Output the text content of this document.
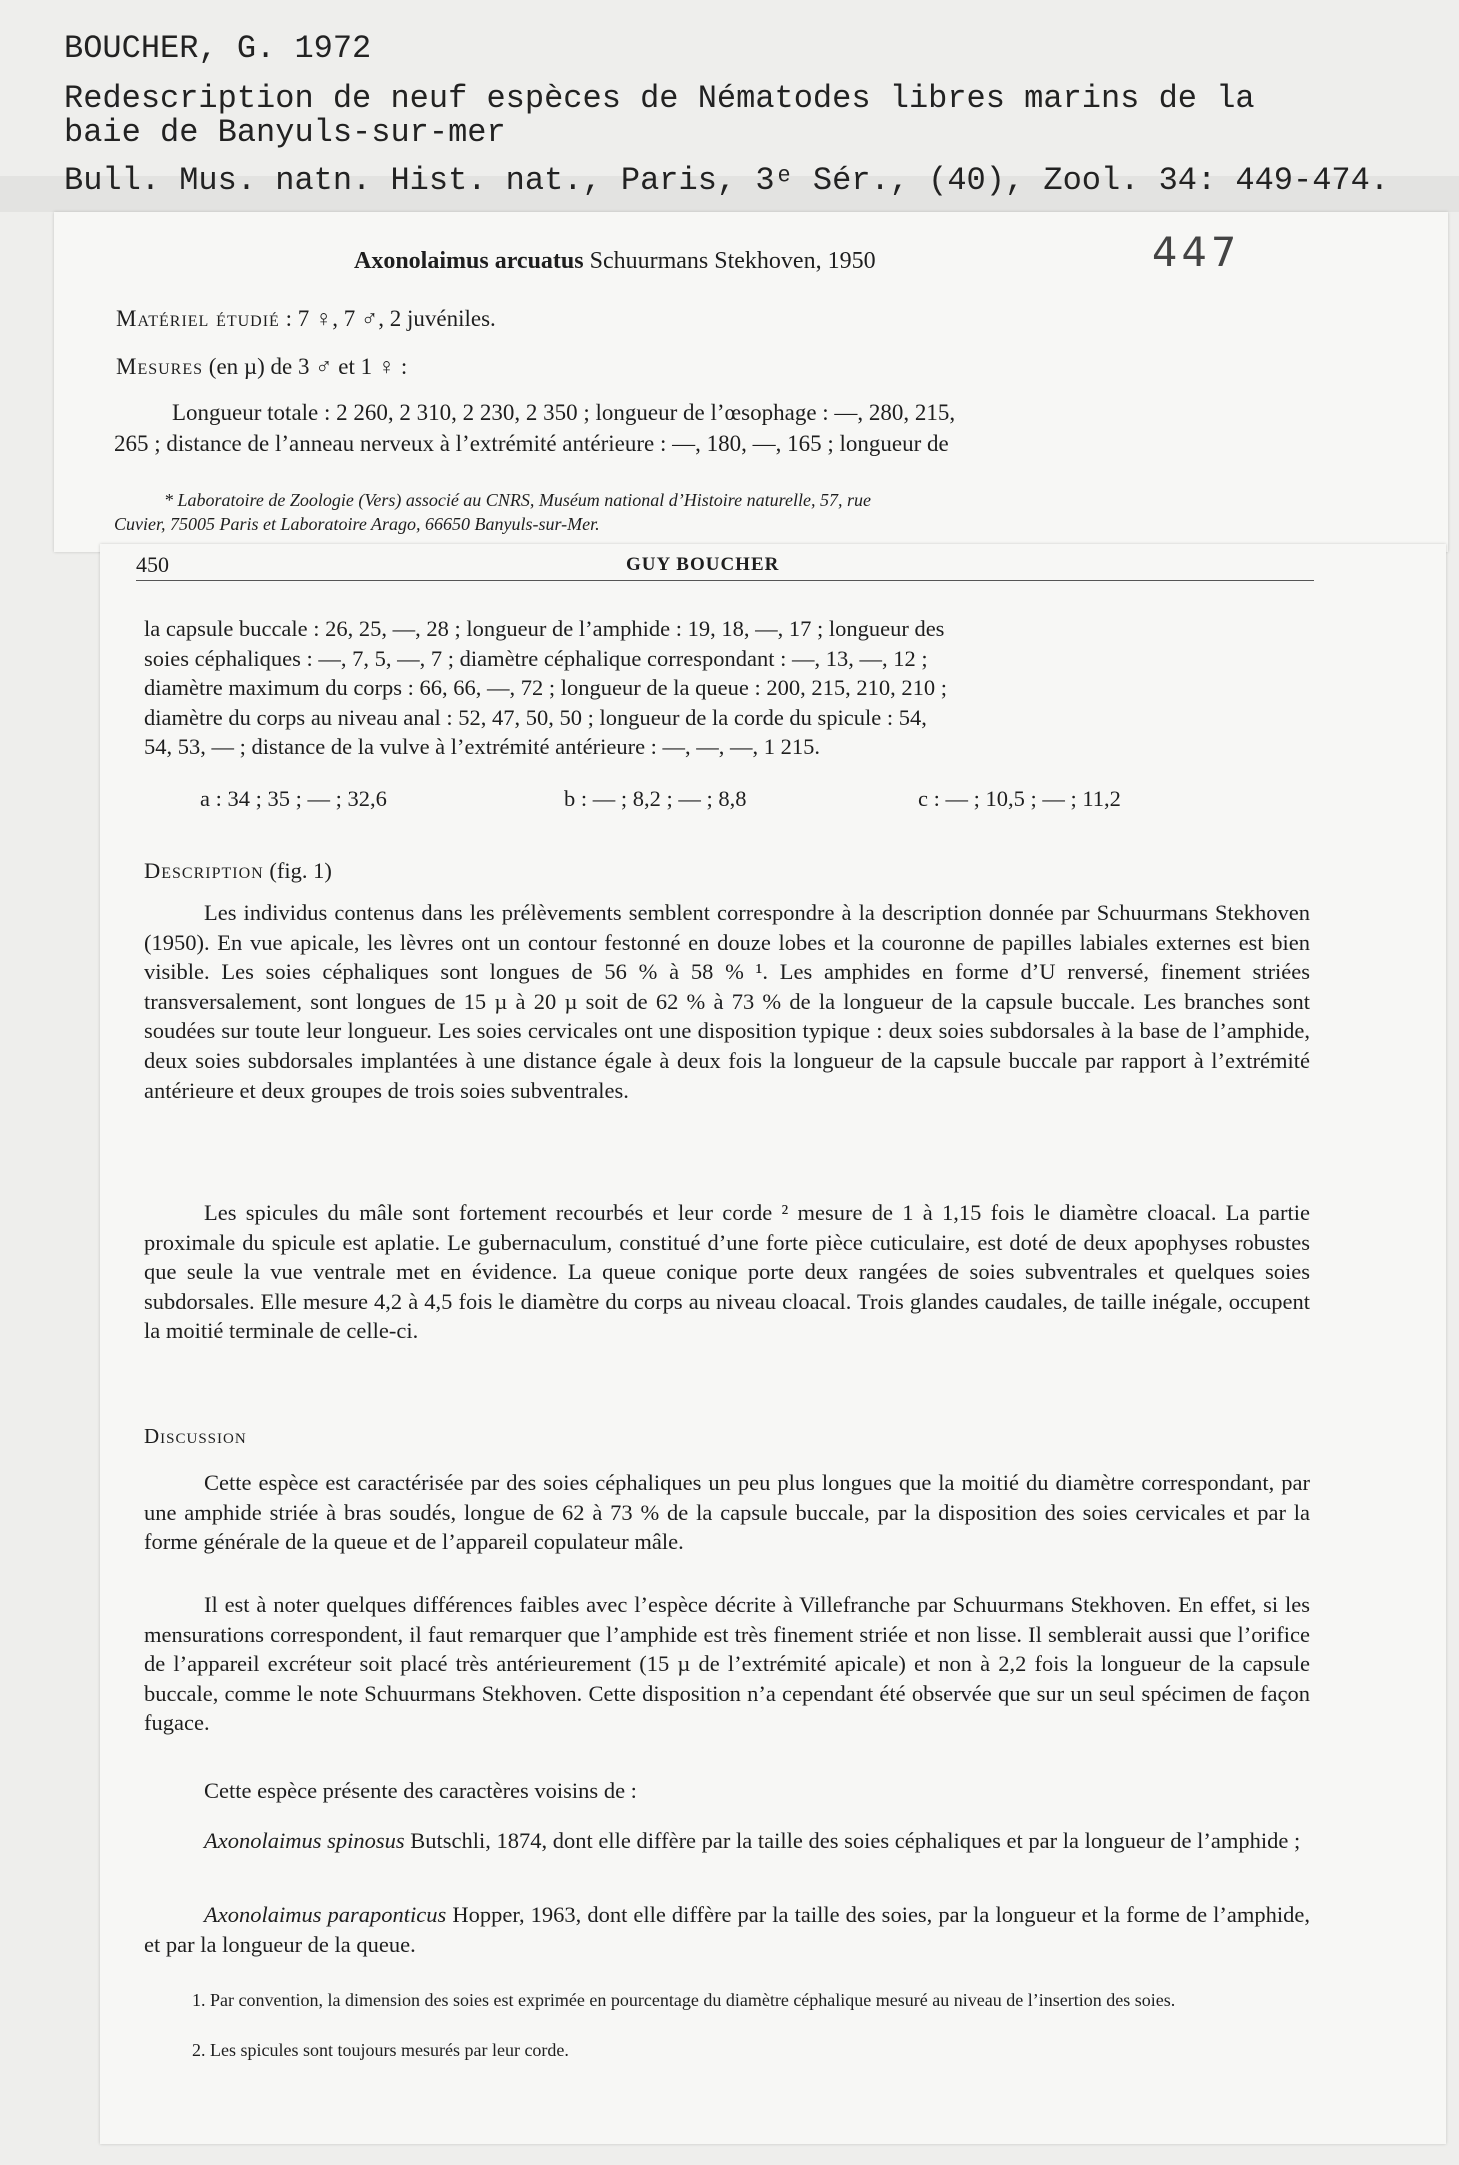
BOUCHER, G. 1972
Redescription de neuf espèces de Nématodes libres marins de la
baie de Banyuls-sur-mer
Bull. Mus. natn. Hist. nat., Paris, 3ᵉ Sér., (40), Zool. 34: 449-474.
Axonolaimus arcuatus Schuurmans Stekhoven, 1950	447
Matériel étudié : 7 ♀, 7 ♂, 2 juvéniles.
Mesures (en µ) de 3 ♂ et 1 ♀ :
Longueur totale : 2 260, 2 310, 2 230, 2 350 ; longueur de l’œsophage : —, 280, 215,
265 ; distance de l’anneau nerveux à l’extrémité antérieure : —, 180, —, 165 ; longueur de
* Laboratoire de Zoologie (Vers) associé au CNRS, Muséum national d’Histoire naturelle, 57, rue
Cuvier, 75005 Paris et Laboratoire Arago, 66650 Banyuls-sur-Mer.
450	GUY BOUCHER
la capsule buccale : 26, 25, —, 28 ; longueur de l’amphide : 19, 18, —, 17 ; longueur des
soies céphaliques : —, 7, 5, —, 7 ; diamètre céphalique correspondant : —, 13, —, 12 ;
diamètre maximum du corps : 66, 66, —, 72 ; longueur de la queue : 200, 215, 210, 210 ;
diamètre du corps au niveau anal : 52, 47, 50, 50 ; longueur de la corde du spicule : 54,
54, 53, — ; distance de la vulve à l’extrémité antérieure : —, —, —, 1 215.
a : 34 ; 35 ; — ; 32,6	b : — ; 8,2 ; — ; 8,8	c : — ; 10,5 ; — ; 11,2
Description (fig. 1)
Les individus contenus dans les prélèvements semblent correspondre à la description donnée par Schuurmans Stekhoven (1950). En vue apicale, les lèvres ont un contour festonné en douze lobes et la couronne de papilles labiales externes est bien visible. Les soies céphaliques sont longues de 56 % à 58 % ¹. Les amphides en forme d’U renversé, finement striées transversalement, sont longues de 15 µ à 20 µ soit de 62 % à 73 % de la longueur de la capsule buccale. Les branches sont soudées sur toute leur longueur. Les soies cervicales ont une disposition typique : deux soies subdorsales à la base de l’amphide, deux soies subdorsales implantées à une distance égale à deux fois la longueur de la capsule buccale par rapport à l’extrémité antérieure et deux groupes de trois soies subventrales.
Les spicules du mâle sont fortement recourbés et leur corde ² mesure de 1 à 1,15 fois le diamètre cloacal. La partie proximale du spicule est aplatie. Le gubernaculum, constitué d’une forte pièce cuticulaire, est doté de deux apophyses robustes que seule la vue ventrale met en évidence. La queue conique porte deux rangées de soies subventrales et quelques soies subdorsales. Elle mesure 4,2 à 4,5 fois le diamètre du corps au niveau cloacal. Trois glandes caudales, de taille inégale, occupent la moitié terminale de celle-ci.
Discussion
Cette espèce est caractérisée par des soies céphaliques un peu plus longues que la moitié du diamètre correspondant, par une amphide striée à bras soudés, longue de 62 à 73 % de la capsule buccale, par la disposition des soies cervicales et par la forme générale de la queue et de l’appareil copulateur mâle.
Il est à noter quelques différences faibles avec l’espèce décrite à Villefranche par Schuurmans Stekhoven. En effet, si les mensurations correspondent, il faut remarquer que l’amphide est très finement striée et non lisse. Il semblerait aussi que l’orifice de l’appareil excréteur soit placé très antérieurement (15 µ de l’extrémité apicale) et non à 2,2 fois la longueur de la capsule buccale, comme le note Schuurmans Stekhoven. Cette disposition n’a cependant été observée que sur un seul spécimen de façon fugace.
Cette espèce présente des caractères voisins de :
Axonolaimus spinosus Butschli, 1874, dont elle diffère par la taille des soies céphaliques et par la longueur de l’amphide ;
Axonolaimus paraponticus Hopper, 1963, dont elle diffère par la taille des soies, par la longueur et la forme de l’amphide, et par la longueur de la queue.
1. Par convention, la dimension des soies est exprimée en pourcentage du diamètre céphalique mesuré au niveau de l’insertion des soies.
2. Les spicules sont toujours mesurés par leur corde.
